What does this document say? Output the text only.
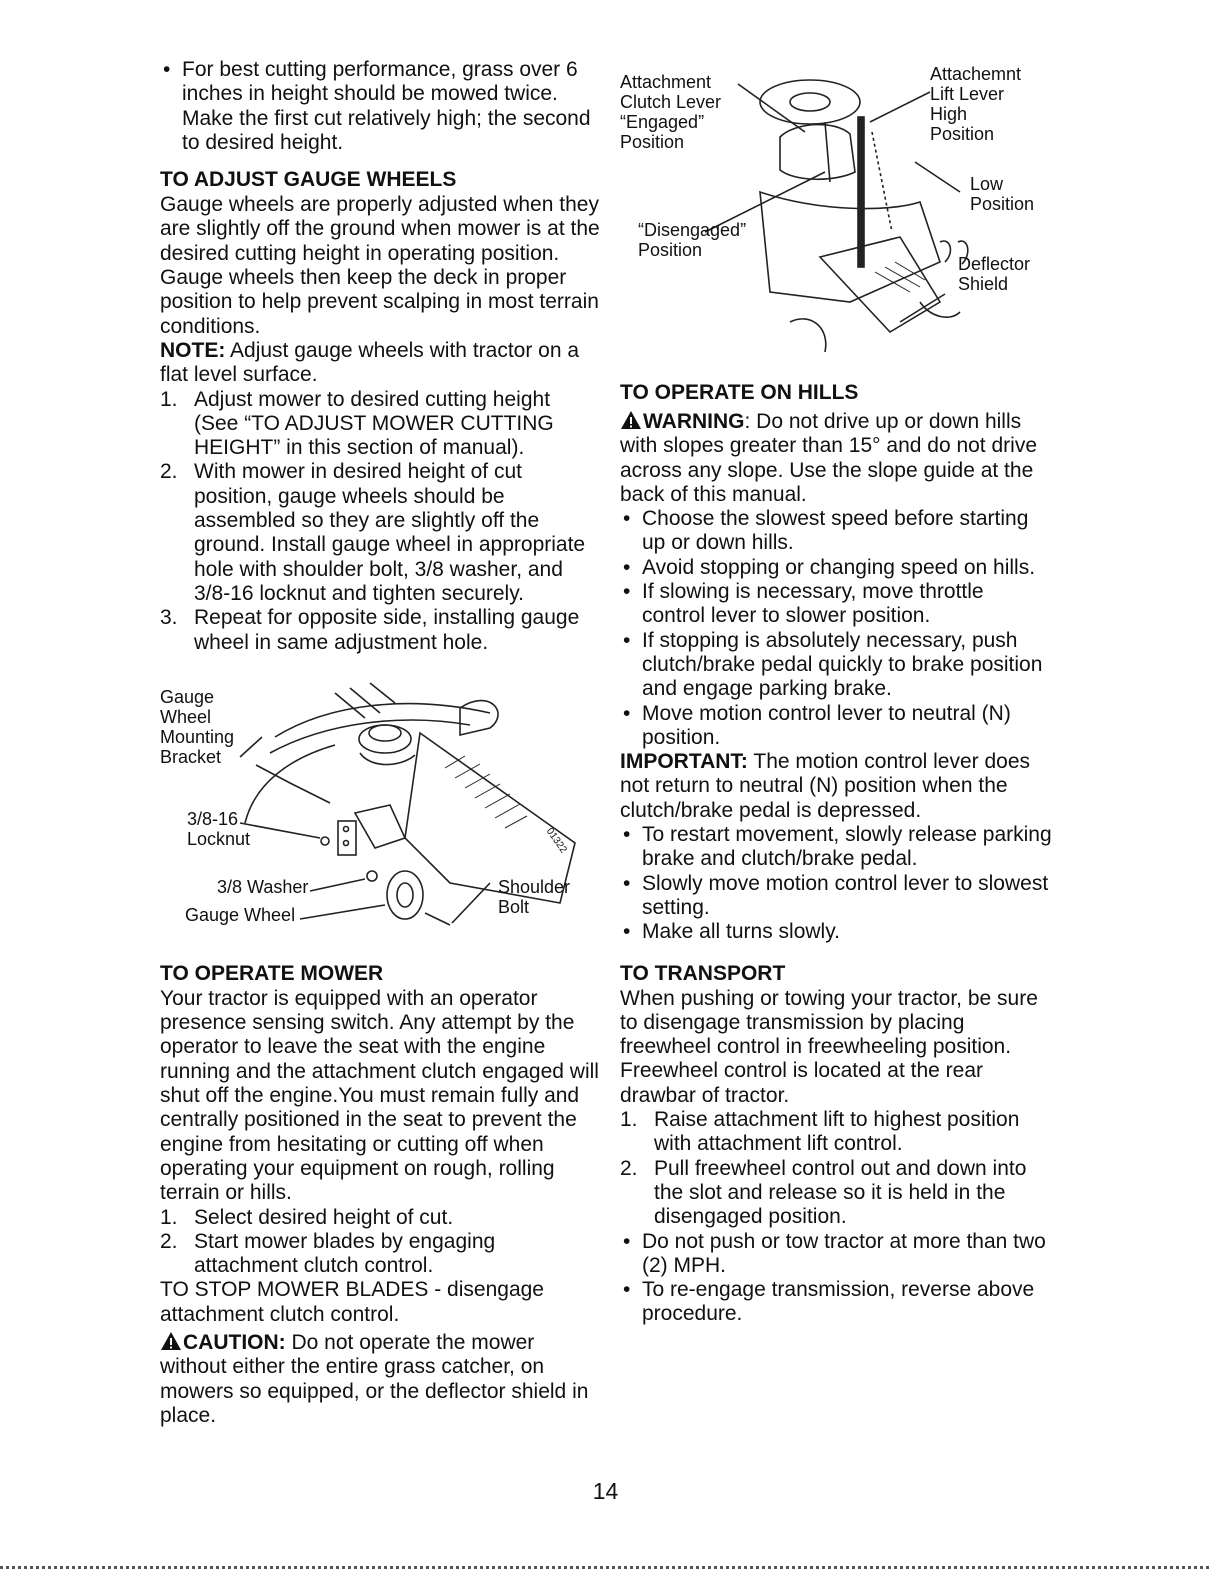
• For best cutting performance, grass over 6 inches in height should be mowed twice. Make the first cut relatively high; the second to desired height.

TO ADJUST GAUGE WHEELS

Gauge wheels are properly adjusted when they are slightly off the ground when mower is at the desired cutting height in operating position. Gauge wheels then keep the deck in proper position to help prevent scalping in most terrain conditions.

NOTE: Adjust gauge wheels with tractor on a flat level surface.

1. Adjust mower to desired cutting height (See “TO ADJUST MOWER CUTTING HEIGHT” in this section of manual).

2. With mower in desired height of cut position, gauge wheels should be assembled so they are slightly off the ground. Install gauge wheel in appropriate hole with shoulder bolt, 3/8 washer, and 3/8-16 locknut and tighten securely.

3. Repeat for opposite side, installing gauge wheel in same adjustment hole.

Gauge
Wheel
Mounting
Bracket
3/8-16
Locknut
3/8 Washer
Gauge Wheel
Shoulder
Bolt
01322
TO OPERATE MOWER

Your tractor is equipped with an operator presence sensing switch. Any attempt by the operator to leave the seat with the engine running and the attachment clutch engaged will shut off the engine.You must remain fully and centrally positioned in the seat to prevent the engine from hesitating or cutting off when operating your equipment on rough, rolling terrain or hills.

1. Select desired height of cut.

2. Start mower blades by engaging attachment clutch control.

TO STOP MOWER BLADES - disengage attachment clutch control.

CAUTION: Do not operate the mower without either the entire grass catcher, on mowers so equipped, or the deflector shield in place.

Attachment
Clutch Lever
“Engaged”
Position
Attachemnt
Lift Lever
High
Position
Low
Position
“Disengaged”
Position
Deflector
Shield
TO OPERATE ON HILLS

WARNING: Do not drive up or down hills with slopes greater than 15° and do not drive across any slope. Use the slope guide at the back of this manual.

• Choose the slowest speed before starting up or down hills.

• Avoid stopping or changing speed on hills.

• If slowing is necessary, move throttle control lever to slower position.

• If stopping is absolutely necessary, push clutch/brake pedal quickly to brake position and engage parking brake.

• Move motion control lever to neutral (N) position.

IMPORTANT: The motion control lever does not return to neutral (N) position when the clutch/brake pedal is depressed.

• To restart movement, slowly release parking brake and clutch/brake pedal.

• Slowly move motion control lever to slowest setting.

• Make all turns slowly.

TO TRANSPORT

When pushing or towing your tractor, be sure to disengage transmission by placing freewheel control in freewheeling position. Freewheel control is located at the rear drawbar of tractor.

1. Raise attachment lift to highest position with attachment lift control.

2. Pull freewheel control out and down into the slot and release so it is held in the disengaged position.

• Do not push or tow tractor at more than two (2) MPH.

• To re-engage transmission, reverse above procedure.

14
